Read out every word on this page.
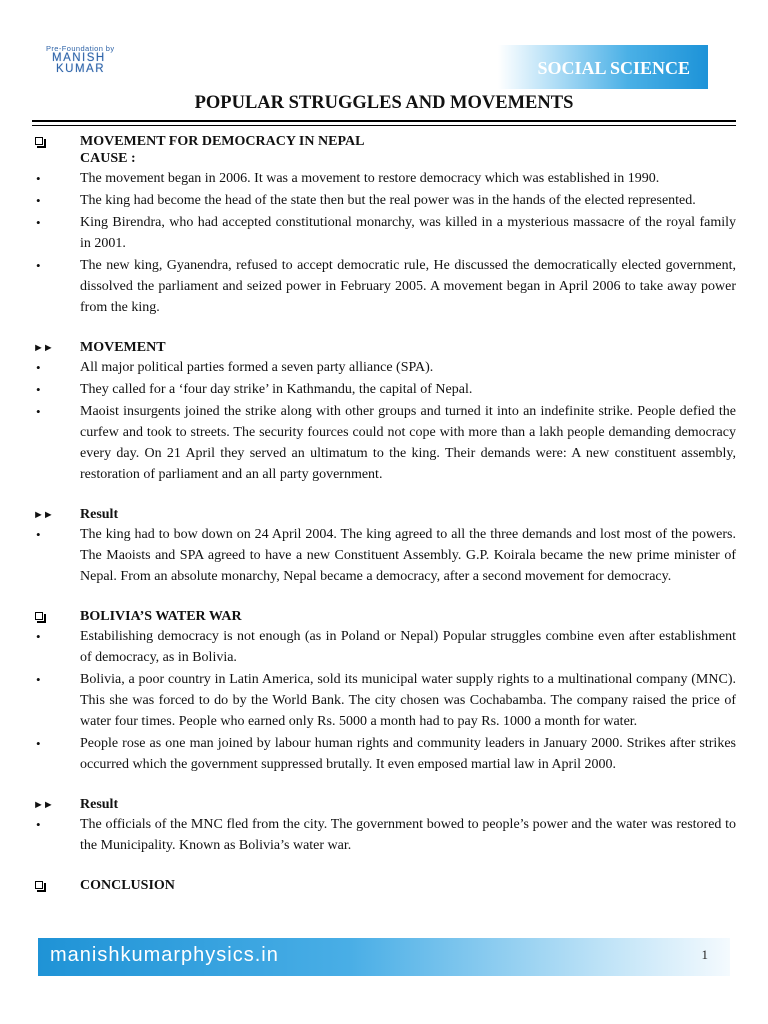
Pre-Foundation by
MANISH
KUMAR	SOCIAL SCIENCE
POPULAR STRUGGLES AND MOVEMENTS
MOVEMENT FOR DEMOCRACY IN NEPAL
CAUSE :
• The movement began in 2006. It was a movement to restore democracy which was established in 1990.
• The king had become the head of the state then but the real power was in the hands of the elected represented.
• King Birendra, who had accepted constitutional monarchy, was killed in a mysterious massacre of the royal family in 2001.
• The new king, Gyanendra, refused to accept democratic rule, He discussed the democratically elected government, dissolved the parliament and seized power in February 2005. A movement began in April 2006 to take away power from the king.
►► MOVEMENT
• All major political parties formed a seven party alliance (SPA).
• They called for a ‘four day strike’ in Kathmandu, the capital of Nepal.
• Maoist insurgents joined the strike along with other groups and turned it into an indefinite strike. People defied the curfew and took to streets. The security fources could not cope with more than a lakh people demanding democracy every day. On 21 April they served an ultimatum to the king. Their demands were: A new constituent assembly, restoration of parliament and an all party government.
►► Result
• The king had to bow down on 24 April 2004. The king agreed to all the three demands and lost most of the powers. The Maoists and SPA agreed to have a new Constituent Assembly. G.P. Koirala became the new prime minister of Nepal. From an absolute monarchy, Nepal became a democracy, after a second movement for democracy.
BOLIVIA’S WATER WAR
• Estabilishing democracy is not enough (as in Poland or Nepal) Popular struggles combine even after establishment of democracy, as in Bolivia.
• Bolivia, a poor country in Latin America, sold its municipal water supply rights to a multinational company (MNC). This she was forced to do by the World Bank. The city chosen was Cochabamba. The company raised the price of water four times. People who earned only Rs. 5000 a month had to pay Rs. 1000 a month for water.
• People rose as one man joined by labour human rights and community leaders in January 2000. Strikes after strikes occurred which the government suppressed brutally. It even emposed martial law in April 2000.
►► Result
• The officials of the MNC fled from the city. The government bowed to people’s power and the water was restored to the Municipality. Known as Bolivia’s water war.
CONCLUSION
manishkumarphysics.in	1
